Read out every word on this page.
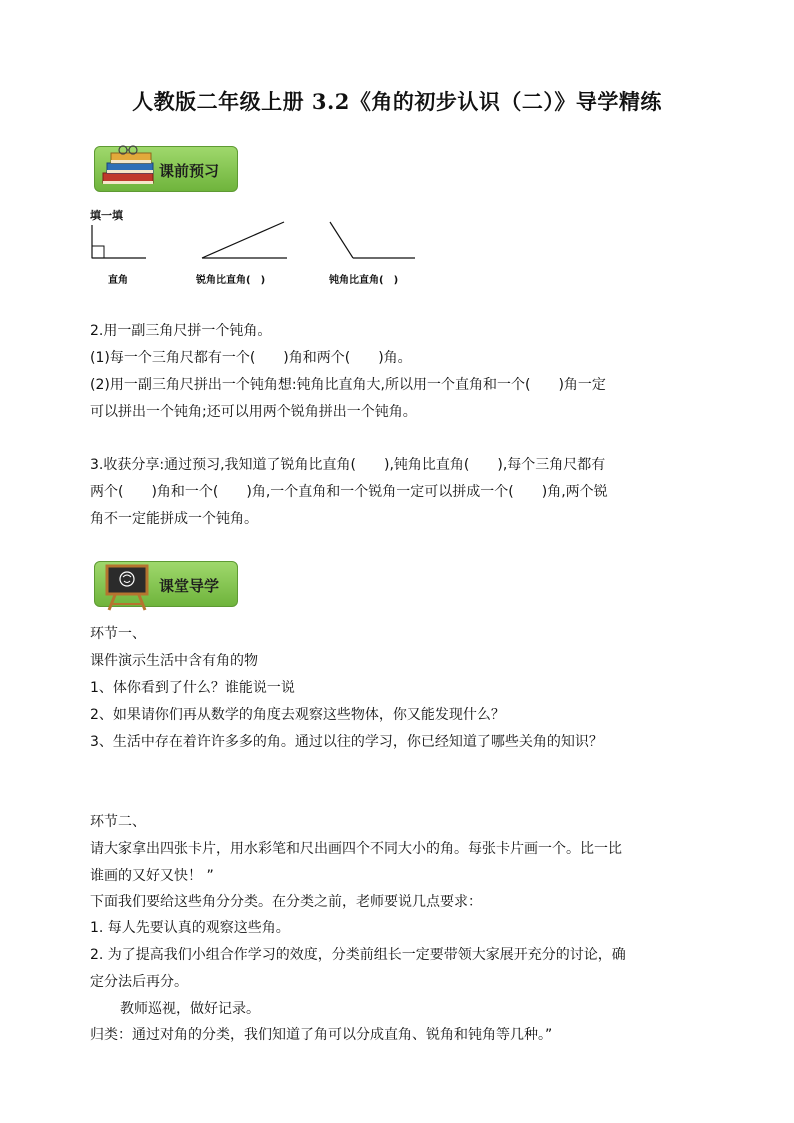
人教版二年级上册 3.2《角的初步认识（二）》导学精练
课前预习
填一填
直角	锐角比直角(　)	钝角比直角(　)
2.用一副三角尺拼一个钝角。
(1)每一个三角尺都有一个(　　)角和两个(　　)角。
(2)用一副三角尺拼出一个钝角想:钝角比直角大,所以用一个直角和一个(　　)角一定
可以拼出一个钝角;还可以用两个锐角拼出一个钝角。
3.收获分享:通过预习,我知道了锐角比直角(　　),钝角比直角(　　),每个三角尺都有
两个(　　)角和一个(　　)角,一个直角和一个锐角一定可以拼成一个(　　)角,两个锐
角不一定能拼成一个钝角。
课堂导学
环节一、
课件演示生活中含有角的物
1、体你看到了什么？谁能说一说
2、如果请你们再从数学的角度去观察这些物体，你又能发现什么？
3、生活中存在着许许多多的角。通过以往的学习，你已经知道了哪些关角的知识？
环节二、
请大家拿出四张卡片，用水彩笔和尺出画四个不同大小的角。每张卡片画一个。比一比
谁画的又好又快！ ”
下面我们要给这些角分分类。在分类之前，老师要说几点要求：
1. 每人先要认真的观察这些角。
2. 为了提高我们小组合作学习的效度，分类前组长一定要带领大家展开充分的讨论，确
定分法后再分。
教师巡视，做好记录。
归类：通过对角的分类，我们知道了角可以分成直角、锐角和钝角等几种。”
